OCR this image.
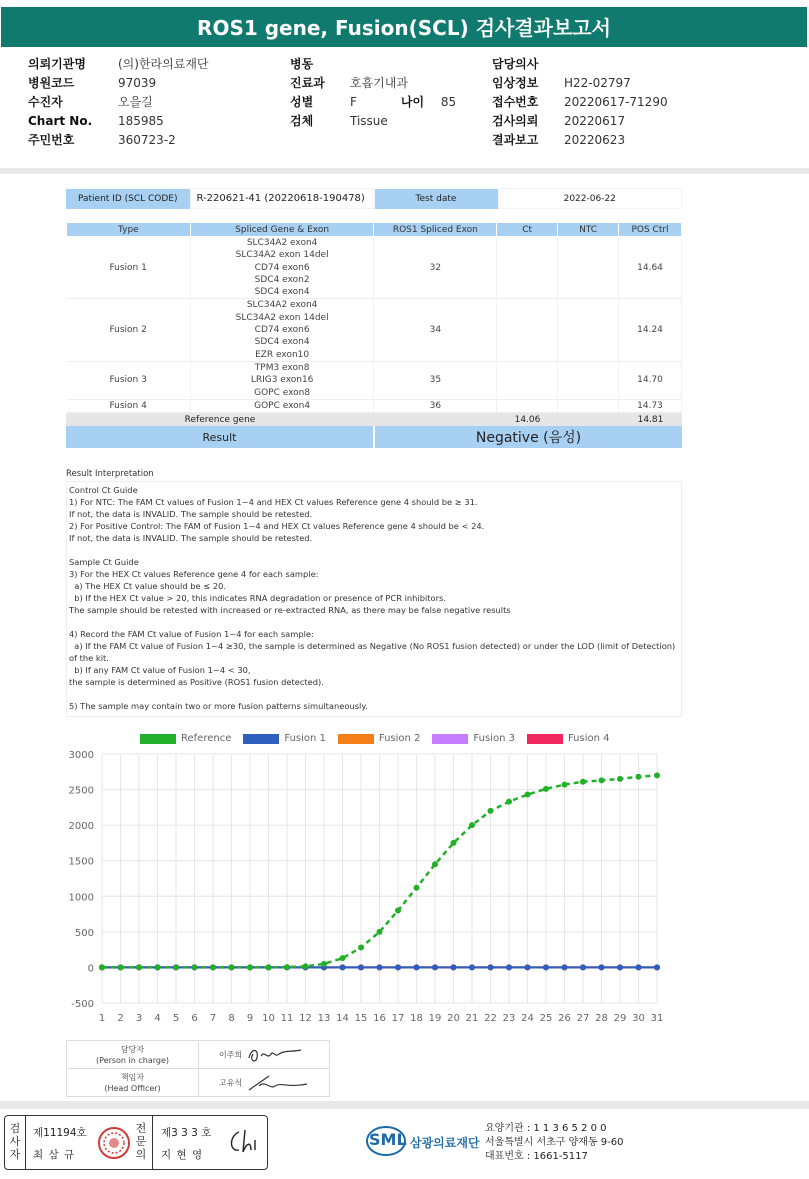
ROS1 gene, Fusion(SCL) 검사결과보고서
의뢰기관명	(의)한라의료재단
병원코드	97039
수진자	오을길
Chart No.	185985
주민번호	360723-2
병동
진료과	호흡기내과
성별	F	나이	85
검체	Tissue
담당의사
임상정보	H22-02797
접수번호	20220617-71290
검사의뢰	20220617
결과보고	20220623
Patient ID (SCL CODE)	R-220621-41 (20220618-190478)	Test date	2022-06-22
Type	Spliced Gene & Exon	ROS1 Spliced Exon	Ct	NTC	POS Ctrl
Fusion 1	SLC34A2 exon4
SLC34A2 exon 14del
CD74 exon6
SDC4 exon2
SDC4 exon4	32			14.64
Fusion 2	SLC34A2 exon4
SLC34A2 exon 14del
CD74 exon6
SDC4 exon4
EZR exon10	34			14.24
Fusion 3	TPM3 exon8
LRIG3 exon16
GOPC exon8	35			14.70
Fusion 4	GOPC exon4	36			14.73
Reference gene		14.06		14.81
Result	Negative (음성)
Result Interpretation
Control Ct Guide
1) For NTC: The FAM Ct values of Fusion 1~4 and HEX Ct values Reference gene 4 should be ≥ 31.
If not, the data is INVALID. The sample should be retested.
2) For Positive Control: The FAM of Fusion 1~4 and HEX Ct values Reference gene 4 should be < 24.
If not, the data is INVALID. The sample should be retested.
Sample Ct Guide
3) For the HEX Ct values Reference gene 4 for each sample:
a) The HEX Ct value should be ≤ 20.
b) If the HEX Ct value > 20, this indicates RNA degradation or presence of PCR inhibitors.
The sample should be retested with increased or re-extracted RNA, as there may be false negative results
4) Record the FAM Ct value of Fusion 1~4 for each sample:
a) If the FAM Ct value of Fusion 1~4 ≥30, the sample is determined as Negative (No ROS1 fusion detected) or under the LOD (limit of Detection) of the kit.
b) If any FAM Ct value of Fusion 1~4 < 30,
the sample is determined as Positive (ROS1 fusion detected).
5) The sample may contain two or more fusion patterns simultaneously.
Reference	Fusion 1	Fusion 2	Fusion 3	Fusion 4
-500
0
500
1000
1500
2000
2500
3000
1 2 3 4 5 6 7 8 9 10 11 12 13 14 15 16 17 18 19 20 21 22 23 24 25 26 27 28 29 30 31
담당자
(Person in charge)	이주희

책임자
(Head Officer)	고유석
검사자
제11194호
최 삼 규
전문의
제3 3 3 호
지 현 영
SML 삼광의료재단
요양기관 : 1 1 3 6 5 2 0 0
서울특별시 서초구 양재동 9-60
대표번호 : 1661-5117
